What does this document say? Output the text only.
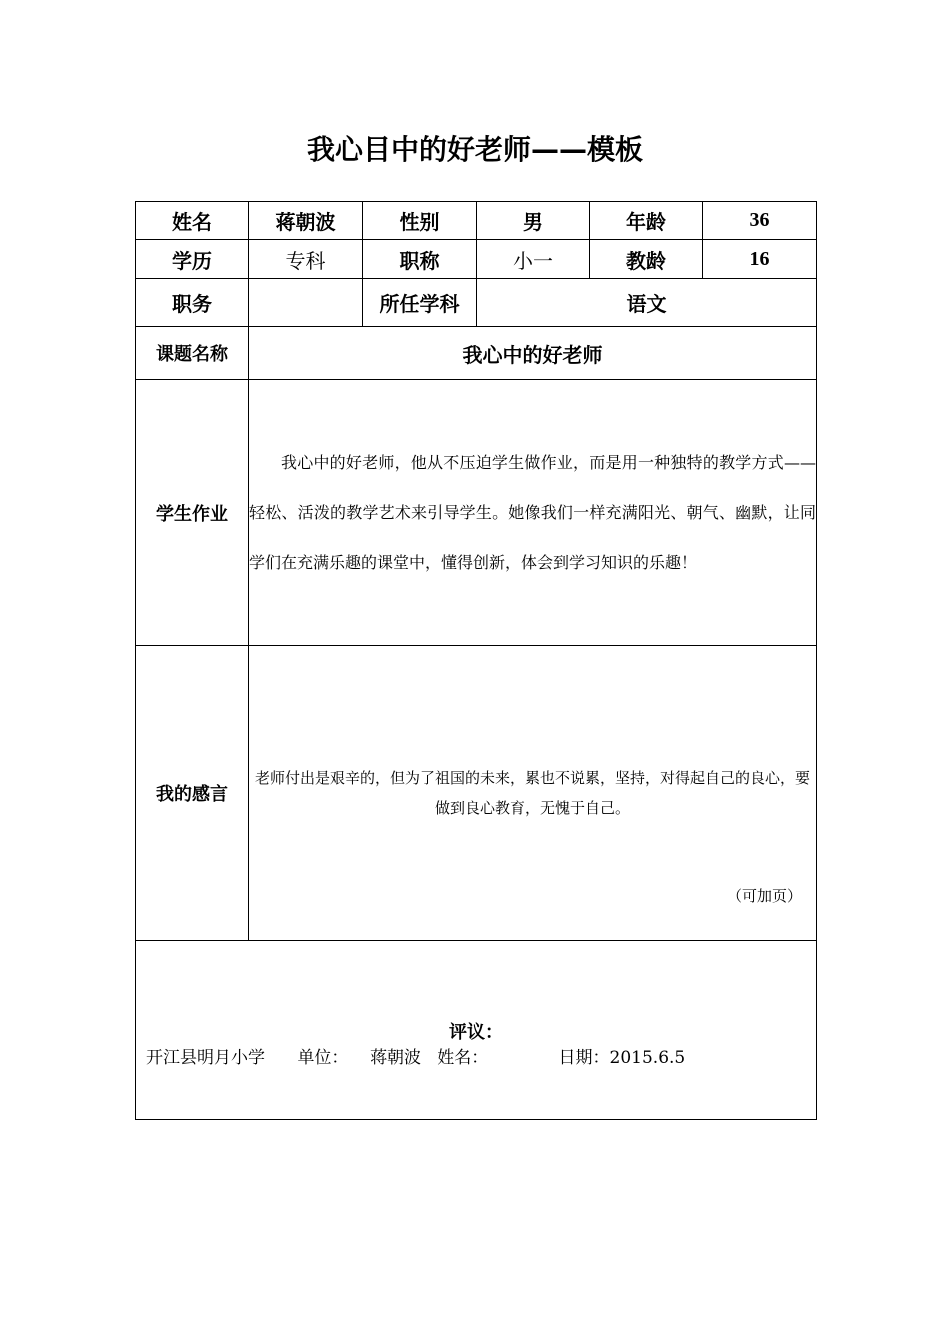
我心目中的好老师——模板
姓名	蒋朝波	性别	男	年龄	36
学历	专科	职称	小一	教龄	16
职务		所任学科	语文		
课题名称	我心中的好老师				
学生作业	我心中的好老师，他从不压迫学生做作业，而是用一种独特的教学方式——轻松、活泼的教学艺术来引导学生。她像我们一样充满阳光、朝气、幽默，让同学们在充满乐趣的课堂中，懂得创新，体会到学习知识的乐趣！				

我的感言	老师付出是艰辛的，但为了祖国的未来，累也不说累，坚持，对得起自己的良心，要做到良心教育，无愧于自己。

（可加页）				

评议：
开江县明月小学 单位： 蒋朝波 姓名： 日期：2015.6.5					
